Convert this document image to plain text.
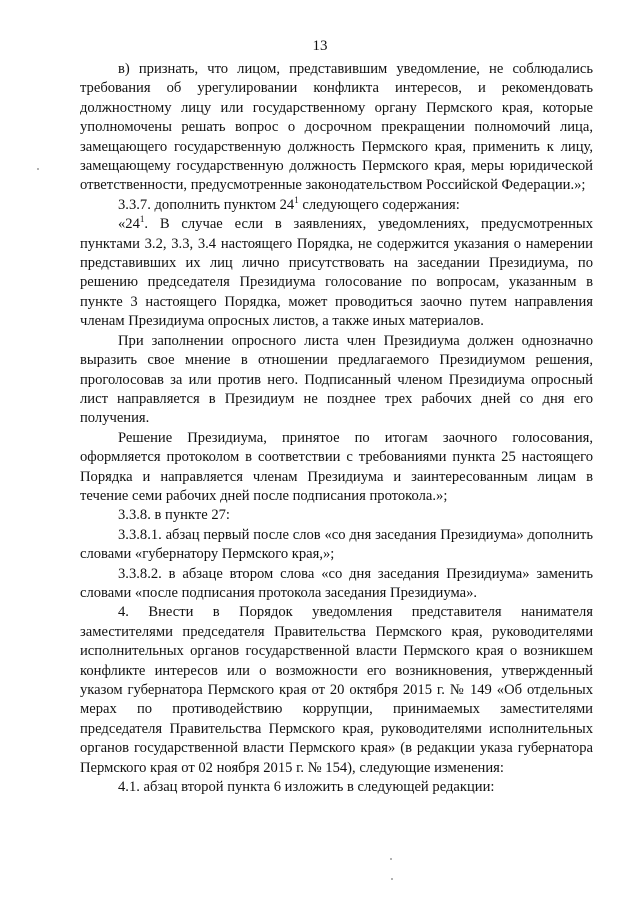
13

в) признать, что лицом, представившим уведомление, не соблюдались требования об урегулировании конфликта интересов, и рекомендовать должностному лицу или государственному органу Пермского края, которые уполномочены решать вопрос о досрочном прекращении полномочий лица, замещающего государственную должность Пермского края, применить к лицу, замещающему государственную должность Пермского края, меры юридической ответственности, предусмотренные законодательством Российской Федерации.»;

3.3.7. дополнить пунктом $24^1$ следующего содержания:

«$24^1$. В случае если в заявлениях, уведомлениях, предусмотренных пунктами 3.2, 3.3, 3.4 настоящего Порядка, не содержится указания о намерении представивших их лиц лично присутствовать на заседании Президиума, по решению председателя Президиума голосование по вопросам, указанным в пункте 3 настоящего Порядка, может проводиться заочно путем направления членам Президиума опросных листов, а также иных материалов.

При заполнении опросного листа член Президиума должен однозначно выразить свое мнение в отношении предлагаемого Президиумом решения, проголосовав за или против него. Подписанный членом Президиума опросный лист направляется в Президиум не позднее трех рабочих дней со дня его получения.

Решение Президиума, принятое по итогам заочного голосования, оформляется протоколом в соответствии с требованиями пункта 25 настоящего Порядка и направляется членам Президиума и заинтересованным лицам в течение семи рабочих дней после подписания протокола.»;

3.3.8. в пункте 27:

3.3.8.1. абзац первый после слов «со дня заседания Президиума» дополнить словами «губернатору Пермского края,»;

3.3.8.2. в абзаце втором слова «со дня заседания Президиума» заменить словами «после подписания протокола заседания Президиума».

4. Внести в Порядок уведомления представителя нанимателя заместителями председателя Правительства Пермского края, руководителями исполнительных органов государственной власти Пермского края о возникшем конфликте интересов или о возможности его возникновения, утвержденный указом губернатора Пермского края от 20 октября 2015 г. № 149 «Об отдельных мерах по противодействию коррупции, принимаемых заместителями председателя Правительства Пермского края, руководителями исполнительных органов государственной власти Пермского края» (в редакции указа губернатора Пермского края от 02 ноября 2015 г. № 154), следующие изменения:

4.1. абзац второй пункта 6 изложить в следующей редакции:
